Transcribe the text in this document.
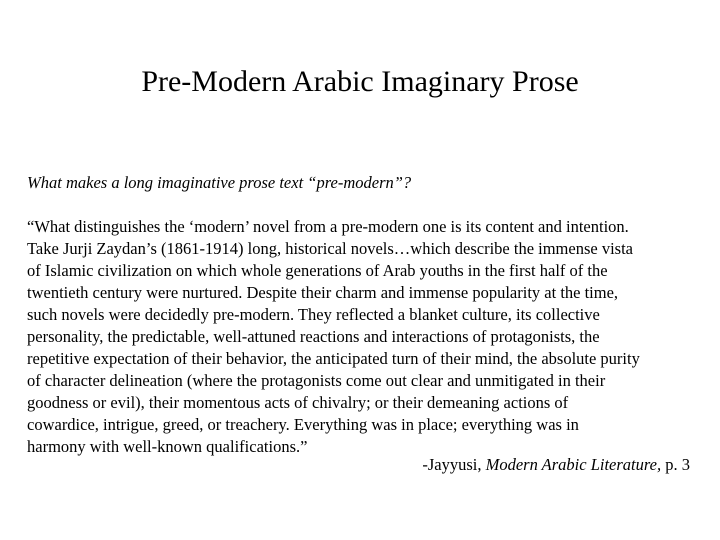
Pre-Modern Arabic Imaginary Prose

What makes a long imaginative prose text “pre-modern”?

“What distinguishes the ‘modern’ novel from a pre-modern one is its content and intention.
Take Jurji Zaydan’s (1861-1914) long, historical novels…which describe the immense vista
of Islamic civilization on which whole generations of Arab youths in the first half of the
twentieth century were nurtured. Despite their charm and immense popularity at the time,
such novels were decidedly pre-modern. They reflected a blanket culture, its collective
personality, the predictable, well-attuned reactions and interactions of protagonists, the
repetitive expectation of their behavior, the anticipated turn of their mind, the absolute purity
of character delineation (where the protagonists come out clear and unmitigated in their
goodness or evil), their momentous acts of chivalry; or their demeaning actions of
cowardice, intrigue, greed, or treachery. Everything was in place; everything was in
harmony with well-known qualifications.”

-Jayyusi, Modern Arabic Literature, p. 3
